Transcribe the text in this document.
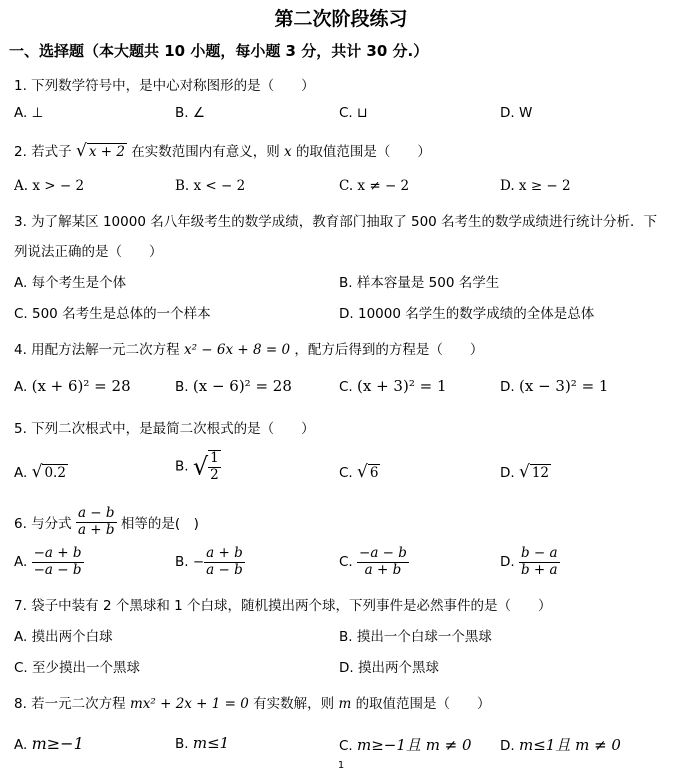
第二次阶段练习
一、选择题（本大题共 10 小题，每小题 3 分，共计 30 分.）
1. 下列数学符号中，是中心对称图形的是（　　）
A. ⊥	B. ∠	C. ⊔	D. W
2. 若式子 √ x + 2 在实数范围内有意义，则 x 的取值范围是（　　）
A. x > − 2	B. x < − 2	C. x ≠ − 2	D. x ≥ − 2
3. 为了解某区 10000 名八年级考生的数学成绩，教育部门抽取了 500 名考生的数学成绩进行统计分析．下
列说法正确的是（　　）
A. 每个考生是个体	B. 样本容量是 500 名学生
C. 500 名考生是总体的一个样本	D. 10000 名学生的数学成绩的全体是总体
4. 用配方法解一元二次方程 x² − 6x + 8 = 0 ，配方后得到的方程是（　　）
A. (x + 6)² = 28	B. (x − 6)² = 28	C. (x + 3)² = 1	D. (x − 3)² = 1
5. 下列二次根式中，是最简二次根式的是（　　）
A. √ 0.2	B. √ $\frac{1}{2}$	C. √ 6	D. √ 12
6. 与分式 $\frac{a - b}{a + b}$ 相等的是(　)
A. $\frac{-a + b}{-a - b}$	B. − $\frac{a + b}{a - b}$	C. $\frac{-a - b}{a + b}$	D. $\frac{b - a}{b + a}$
7. 袋子中装有 2 个黑球和 1 个白球，随机摸出两个球，下列事件是必然事件的是（　　）
A. 摸出两个白球	B. 摸出一个白球一个黑球
C. 至少摸出一个黑球	D. 摸出两个黑球
8. 若一元二次方程 mx² + 2x + 1 = 0 有实数解，则 m 的取值范围是（　　）
A. m≥−1	B. m≤1	C. m≥−1且 m ≠ 0 D. m≤1且 m ≠ 0
1
